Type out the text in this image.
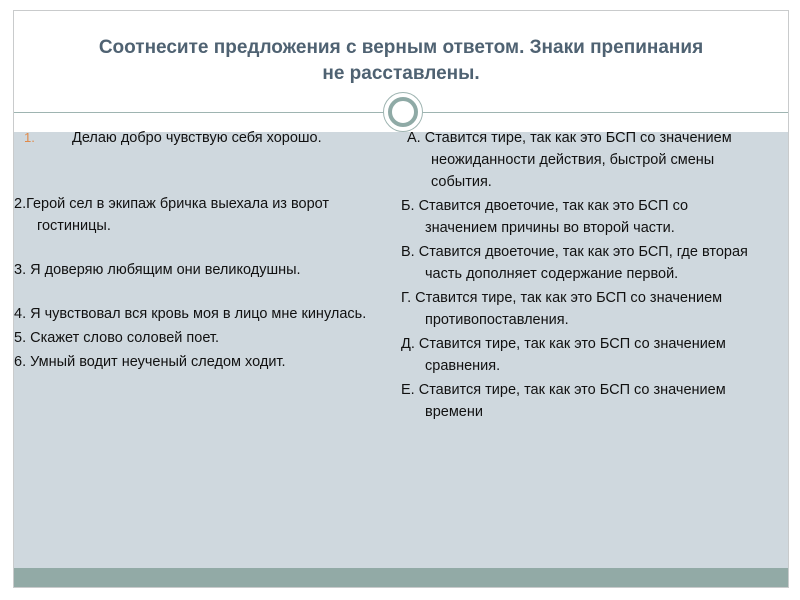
Соотнесите предложения с верным ответом. Знаки препинания
не расставлены.
1.	Делаю добро чувствую себя хорошо.
2.Герой сел в экипаж бричка выехала из ворот гостиницы.
3. Я доверяю любящим они великодушны.
4. Я чувствовал вся кровь моя в лицо мне кинулась.
5. Скажет слово соловей поет.
6. Умный водит неученый следом ходит.
А. Ставится тире, так как это БСП со значением неожиданности действия, быстрой смены события.
Б. Ставится двоеточие, так как это БСП со значением причины во второй части.
В. Ставится двоеточие, так как это БСП, где вторая часть дополняет содержание первой.
Г. Ставится тире, так как это БСП со значением противопоставления.
Д. Ставится тире, так как это БСП со значением сравнения.
Е. Ставится тире, так как это БСП со значением времени
